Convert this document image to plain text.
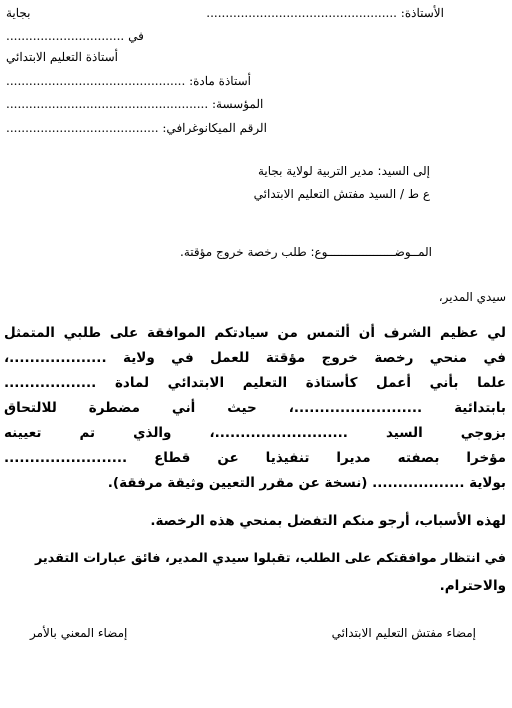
الأستاذة: ..................................................
بجاية
في ...............................
أستاذة التعليم الابتدائي
أستاذة مادة: ...............................................
المؤسسة: .....................................................
الرقم الميكانوغرافي: ........................................
إلى السيد: مدير التربية لولاية بجاية
ع ط / السيد مفتش التعليم الابتدائي
المــوضـــــــــــــــــــوع: طلب رخصة خروج مؤقتة.
سيدي المدير،
لي عظيم الشرف أن ألتمس من سيادتكم الموافقة على طلبي المتمثل
في منحي رخصة خروج مؤقتة للعمل في ولاية ...................،
علما بأني أعمل كأستاذة التعليم الابتدائي لمادة ..................
بابتدائية .........................، حيث أني مضطرة للالتحاق
بزوجي السيد ..........................، والذي تم تعيينه
مؤخرا بصفته مديرا تنفيذيا عن قطاع ........................
بولاية .................. (نسخة عن مقرر التعيين وثيقة مرفقة).
لهذه الأسباب، أرجو منكم التفضل بمنحي هذه الرخصة.
في انتظار موافقتكم على الطلب، تقبلوا سيدي المدير، فائق عبارات التقدير
والاحترام.
إمضاء مفتش التعليم الابتدائي
إمضاء المعني بالأمر
